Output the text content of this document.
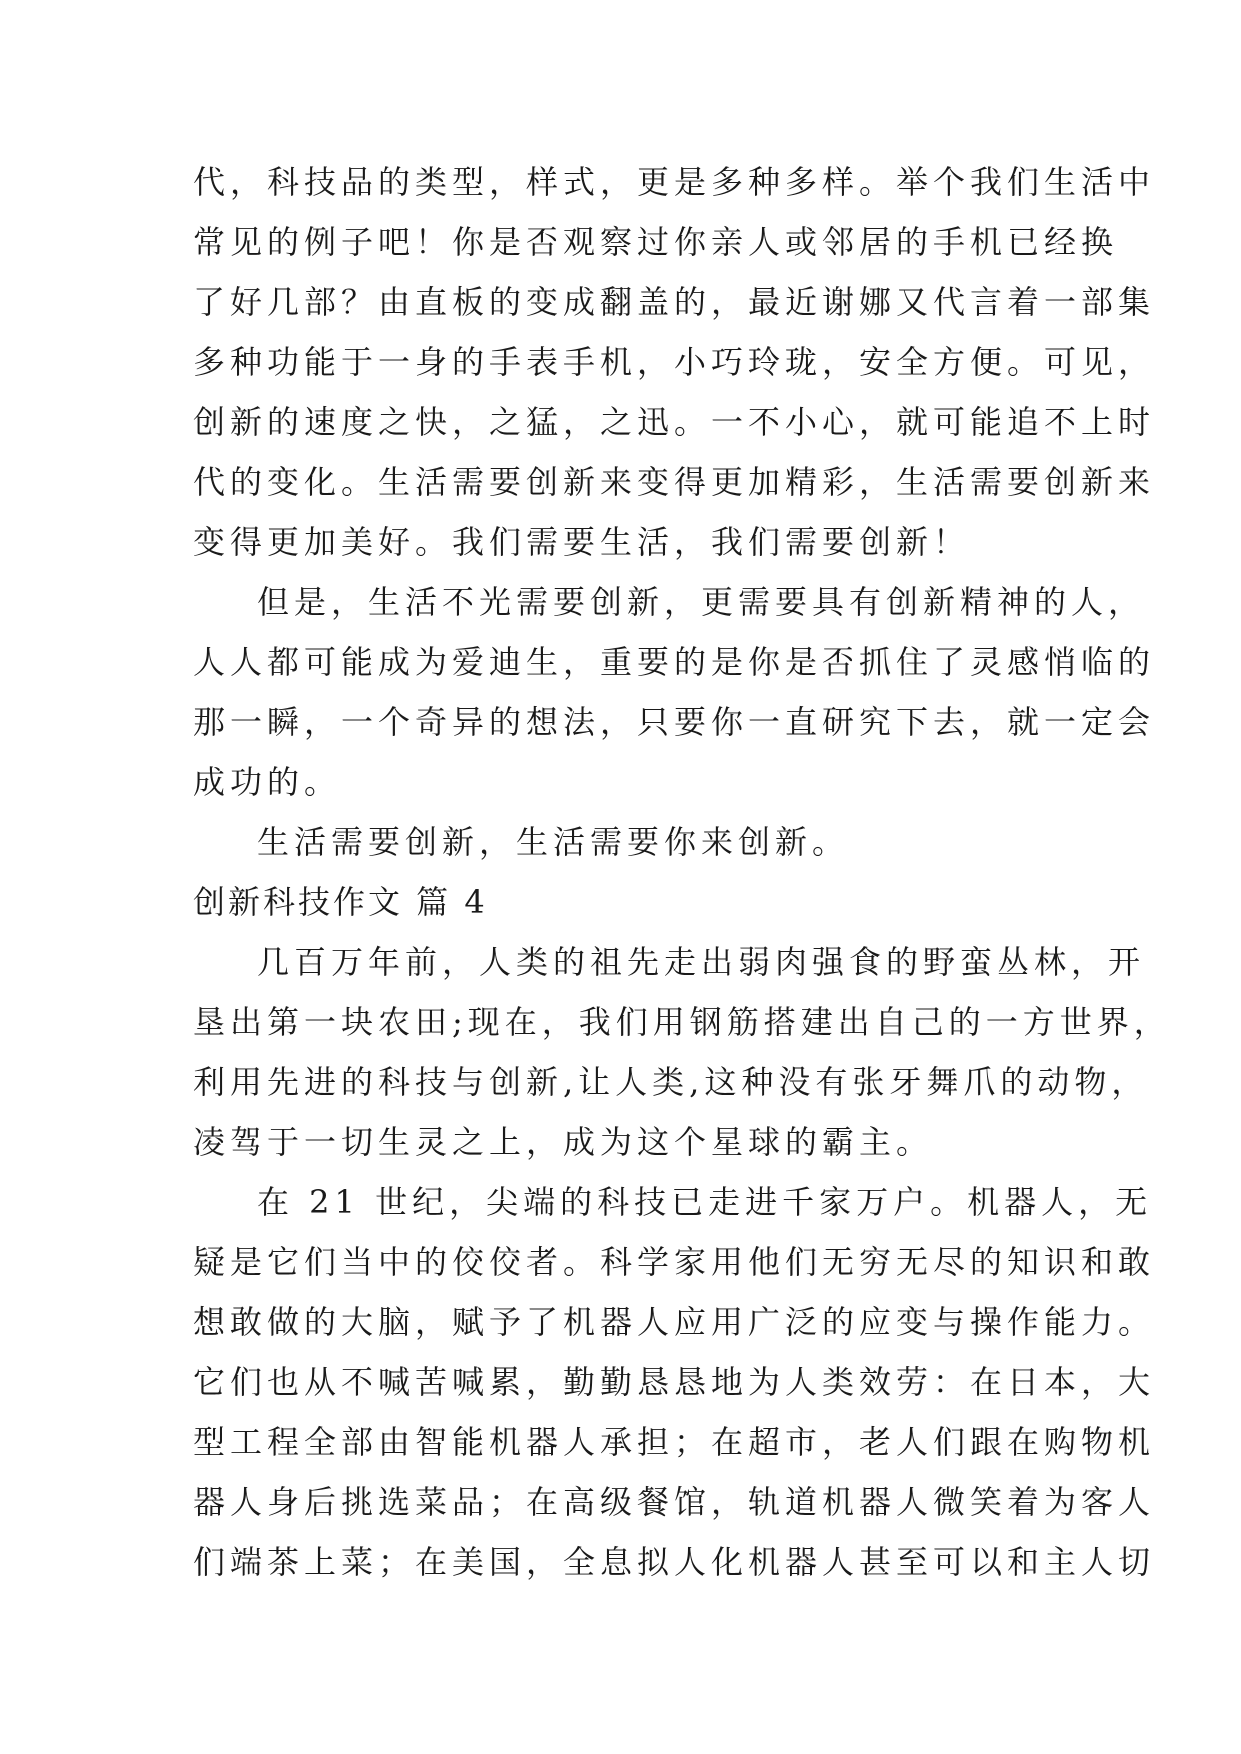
代，科技品的类型，样式，更是多种多样。举个我们生活中
常见的例子吧！你是否观察过你亲人或邻居的手机已经换
了好几部？由直板的变成翻盖的，最近谢娜又代言着一部集
多种功能于一身的手表手机，小巧玲珑，安全方便。可见，
创新的速度之快，之猛，之迅。一不小心，就可能追不上时
代的变化。生活需要创新来变得更加精彩，生活需要创新来
变得更加美好。我们需要生活，我们需要创新！
但是，生活不光需要创新，更需要具有创新精神的人，
人人都可能成为爱迪生，重要的是你是否抓住了灵感悄临的
那一瞬，一个奇异的想法，只要你一直研究下去，就一定会
成功的。
生活需要创新，生活需要你来创新。
创新科技作文 篇 4
几百万年前，人类的祖先走出弱肉强食的野蛮丛林，开
垦出第一块农田;现在，我们用钢筋搭建出自己的一方世界，
利用先进的科技与创新,让人类,这种没有张牙舞爪的动物，
凌驾于一切生灵之上，成为这个星球的霸主。
在 21 世纪，尖端的科技已走进千家万户。机器人，无
疑是它们当中的佼佼者。科学家用他们无穷无尽的知识和敢
想敢做的大脑，赋予了机器人应用广泛的应变与操作能力。
它们也从不喊苦喊累，勤勤恳恳地为人类效劳：在日本，大
型工程全部由智能机器人承担；在超市，老人们跟在购物机
器人身后挑选菜品；在高级餐馆，轨道机器人微笑着为客人
们端茶上菜；在美国，全息拟人化机器人甚至可以和主人切
